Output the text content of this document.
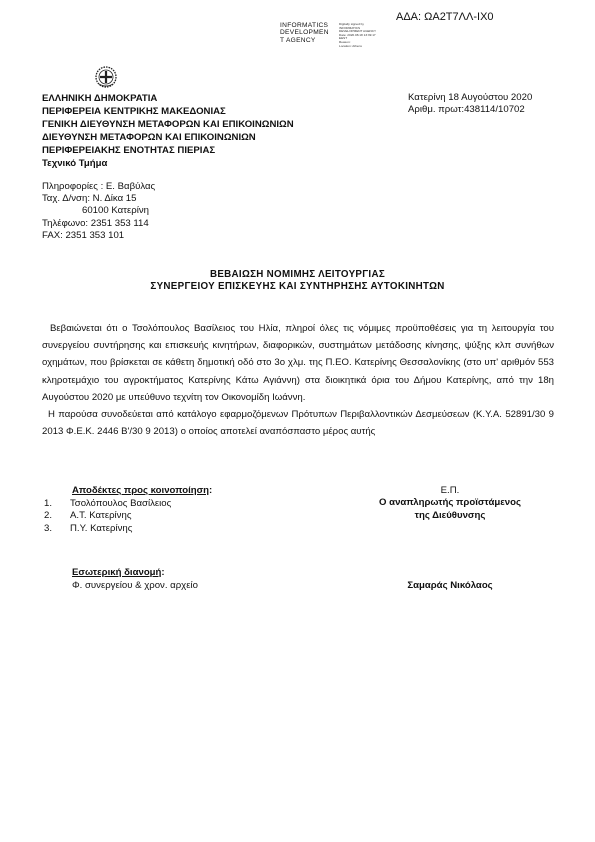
ΑΔΑ: ΩΑ2Τ7ΛΛ-ΙΧ0
INFORMATICS
DEVELOPMEN
T AGENCY
Digitally signed by
INFORMATICS
DEVELOPMENT AGENCY
Date: 2020.08.18 13:39:17
EEST
Reason:
Location: Athens
ΕΛΛΗΝΙΚΗ ΔΗΜΟΚΡΑΤΙΑ
ΠΕΡΙΦΕΡΕΙΑ ΚΕΝΤΡΙΚΗΣ ΜΑΚΕΔΟΝΙΑΣ
ΓΕΝΙΚΗ ΔΙΕΥΘΥΝΣΗ ΜΕΤΑΦΟΡΩΝ ΚΑΙ ΕΠΙΚΟΙΝΩΝΙΩΝ
ΔΙΕΥΘΥΝΣΗ ΜΕΤΑΦΟΡΩΝ ΚΑΙ ΕΠΙΚΟΙΝΩΝΙΩΝ
ΠΕΡΙΦΕΡΕΙΑΚΗΣ ΕΝΟΤΗΤΑΣ ΠΙΕΡΙΑΣ
Τεχνικό Τμήμα
Κατερίνη 18 Αυγούστου 2020
Αριθμ. πρωτ:438114/10702
Πληροφορίες : Ε. Βαβύλας
Ταχ. Δ/νση: Ν. Δίκα 15
60100 Κατερίνη
Τηλέφωνο: 2351 353 114
FAX: 2351 353 101
ΒΕΒΑΙΩΣΗ ΝΟΜΙΜΗΣ ΛΕΙΤΟΥΡΓΙΑΣ
ΣΥΝΕΡΓΕΙΟΥ ΕΠΙΣΚΕΥΗΣ ΚΑΙ ΣΥΝΤΗΡΗΣΗΣ ΑΥΤΟΚΙΝΗΤΩΝ

Βεβαιώνεται ότι ο Τσολόπουλος Βασίλειος του Ηλία, πληροί όλες τις νόμιμες προϋποθέσεις για τη λειτουργία του συνεργείου συντήρησης και επισκευής κινητήρων, διαφορικών, συστημάτων μετάδοσης κίνησης, ψύξης κλπ συνήθων οχημάτων, που βρίσκεται σε κάθετη δημοτική οδό στο 3ο χλμ. της Π.ΕΟ. Κατερίνης Θεσσαλονίκης (στο υπ' αριθμόν 553 κληροτεμάχιο του αγροκτήματος Κατερίνης Κάτω Αγιάννη) στα διοικητικά όρια του Δήμου Κατερίνης, από την 18η Αυγούστου 2020 με υπεύθυνο τεχνίτη τον Οικονομίδη Ιωάννη.

Η παρούσα συνοδεύεται από κατάλογο εφαρμοζόμενων Πρότυπων Περιβαλλοντικών Δεσμεύσεων (Κ.Υ.Α. 52891/30 9 2013 Φ.Ε.Κ. 2446 Β'/30 9 2013) ο οποίος αποτελεί αναπόσπαστο μέρος αυτής

Αποδέκτες προς κοινοποίηση:
1. Τσολόπουλος Βασίλειος
2. Α.Τ. Κατερίνης
3. Π.Υ. Κατερίνης
Ε.Π.
Ο αναπληρωτής προϊστάμενος
της Διεύθυνσης
Εσωτερική διανομή:
Φ. συνεργείου & χρον. αρχείο	Σαμαράς Νικόλαος
